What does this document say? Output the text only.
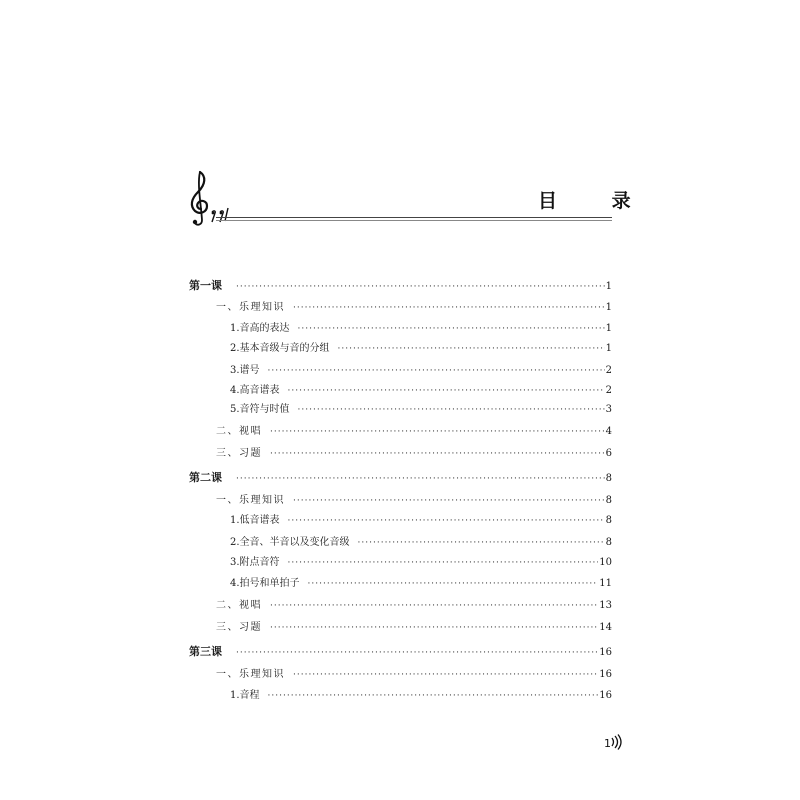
目 录
第一课 ·····	1
一、乐理知识 ·····	1
1.音高的表达 ·····	1
2.基本音级与音的分组 ·····	1
3.谱号 ·····	2
4.高音谱表 ·····	2
5.音符与时值 ·····	3
二、视唱 ·····	4
三、习题 ·····	6
第二课 ·····	8
一、乐理知识 ·····	8
1.低音谱表 ·····	8
2.全音、半音以及变化音级 ·····	8
3.附点音符 ·····	10
4.拍号和单拍子 ·····	11
二、视唱 ·····	13
三、习题 ·····	14
第三课 ·····	16
一、乐理知识 ·····	16
1.音程 ·····	16
1
